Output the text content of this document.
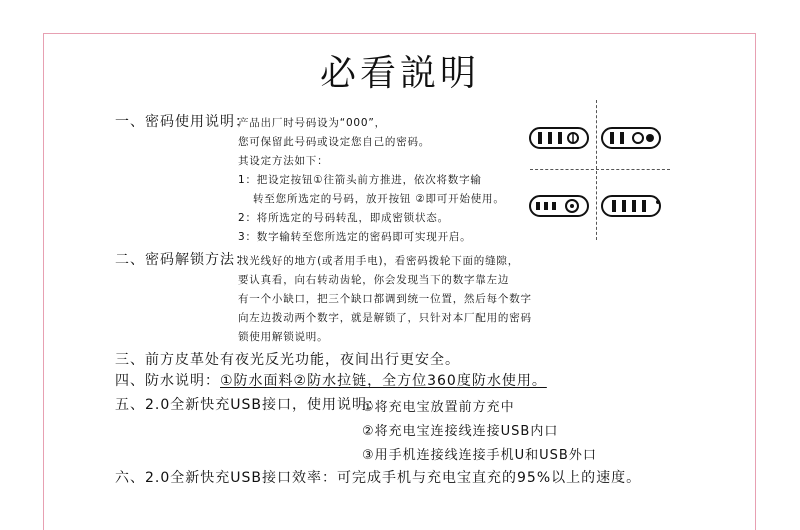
必看説明
一、密码使用说明：
产品出厂时号码设为“000”，
您可保留此号码或设定您自己的密码。
其设定方法如下：
1：把设定按钮①往箭头前方推进，依次将数字输
转至您所选定的号码，放开按钮 ②即可开始使用。
2：将所选定的号码转乱，即成密锁状态。
3：数字输转至您所选定的密码即可实现开启。
二、密码解锁方法：
找光线好的地方(或者用手电)，看密码拨轮下面的缝隙，
要认真看，向右转动齿轮，你会发现当下的数字靠左边
有一个小缺口，把三个缺口都调到统一位置，然后每个数字
向左边拨动两个数字，就是解锁了，只针对本厂配用的密码
锁使用解锁说明。
三、前方皮革处有夜光反光功能，夜间出行更安全。
四、防水说明：①防水面料②防水拉链，全方位360度防水使用。
五、2.0全新快充USB接口，使用说明：
①将充电宝放置前方充中
②将充电宝连接线连接USB内口
③用手机连接线连接手机U和USB外口
六、2.0全新快充USB接口效率：可完成手机与充电宝直充的95%以上的速度。
